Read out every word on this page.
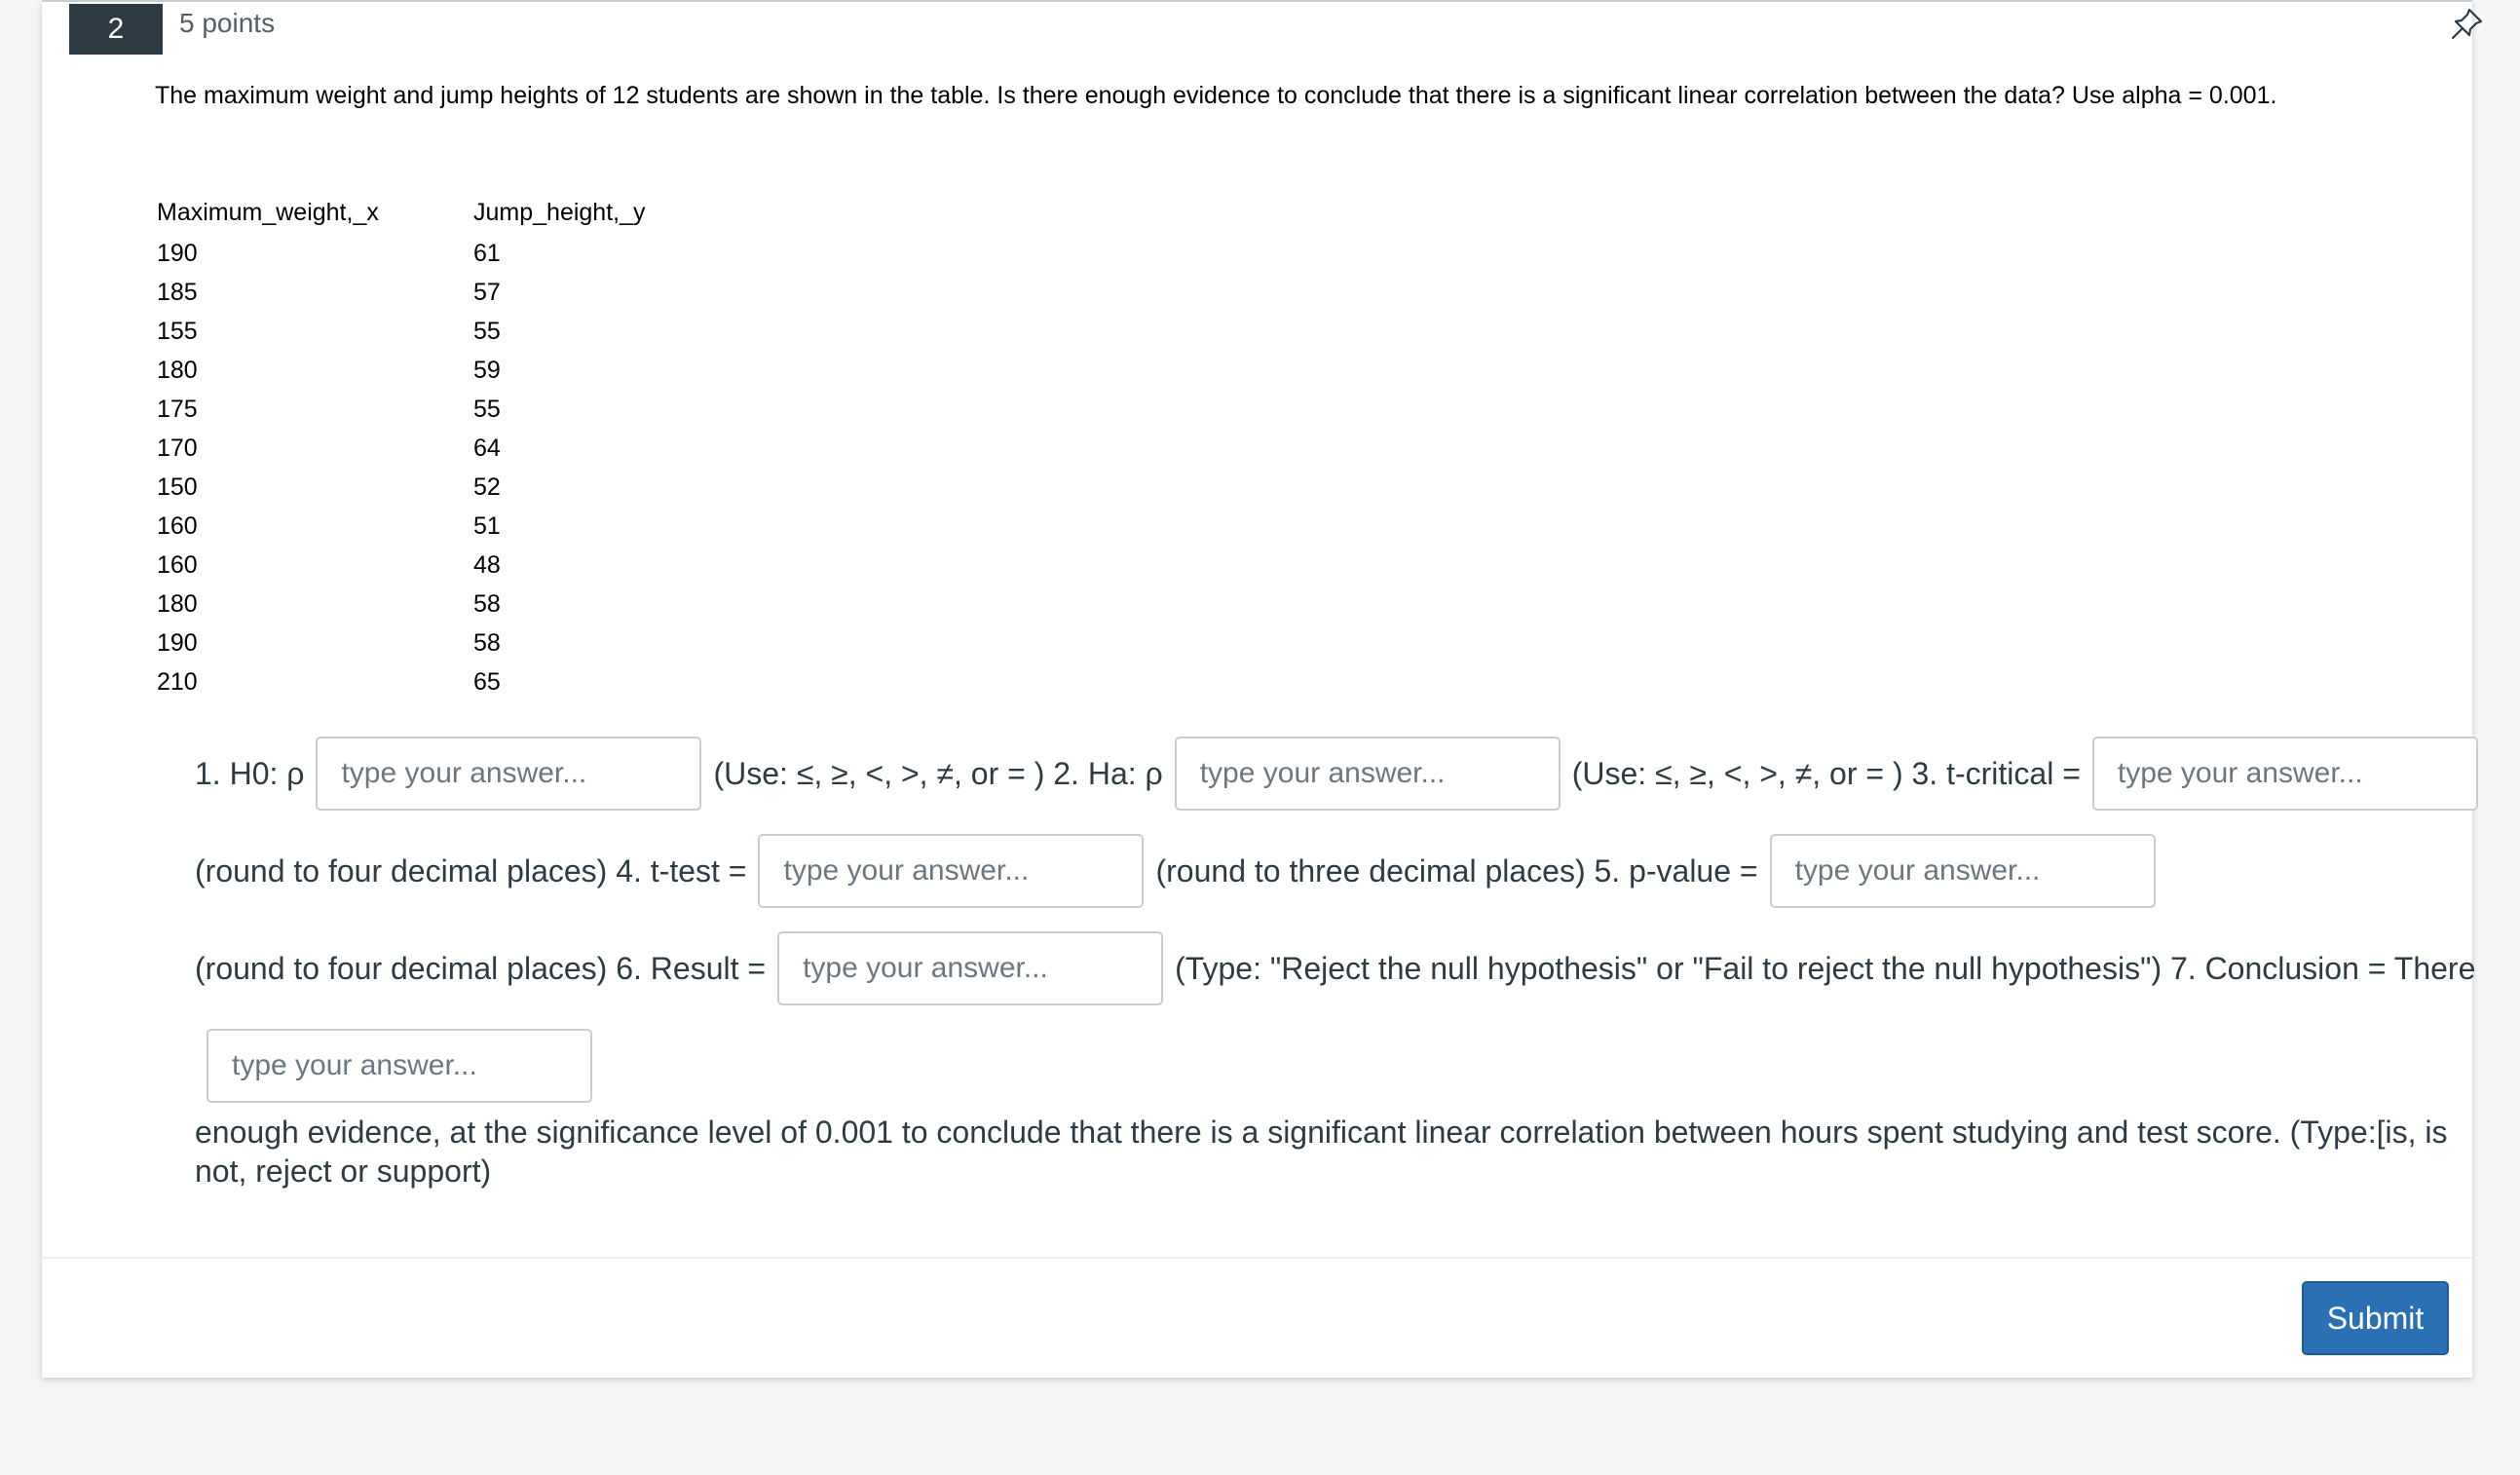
2	5 points
The maximum weight and jump heights of 12 students are shown in the table. Is there enough evidence to conclude that there is a significant linear correlation between the data? Use alpha = 0.001.
Maximum_weight,_x	Jump_height,_y
190	61
185	57
155	55
180	59
175	55
170	64
150	52
160	51
160	48
180	58
190	58
210	65
1. H0: ρ
type your answer...	(Use: ≤, ≥, <, >, ≠, or = ) 2. Ha: ρ
type your answer...	(Use: ≤, ≥, <, >, ≠, or = ) 3. t-critical =
type your answer...
(round to four decimal places) 4. t-test =
type your answer...	(round to three decimal places) 5. p-value =
type your answer...
(round to four decimal places) 6. Result =
type your answer...	(Type: "Reject the null hypothesis" or "Fail to reject the null hypothesis") 7. Conclusion = There
type your answer...
enough evidence, at the significance level of 0.001 to conclude that there is a significant linear correlation between hours spent studying and test score. (Type:[is, is not, reject or support)
Submit
